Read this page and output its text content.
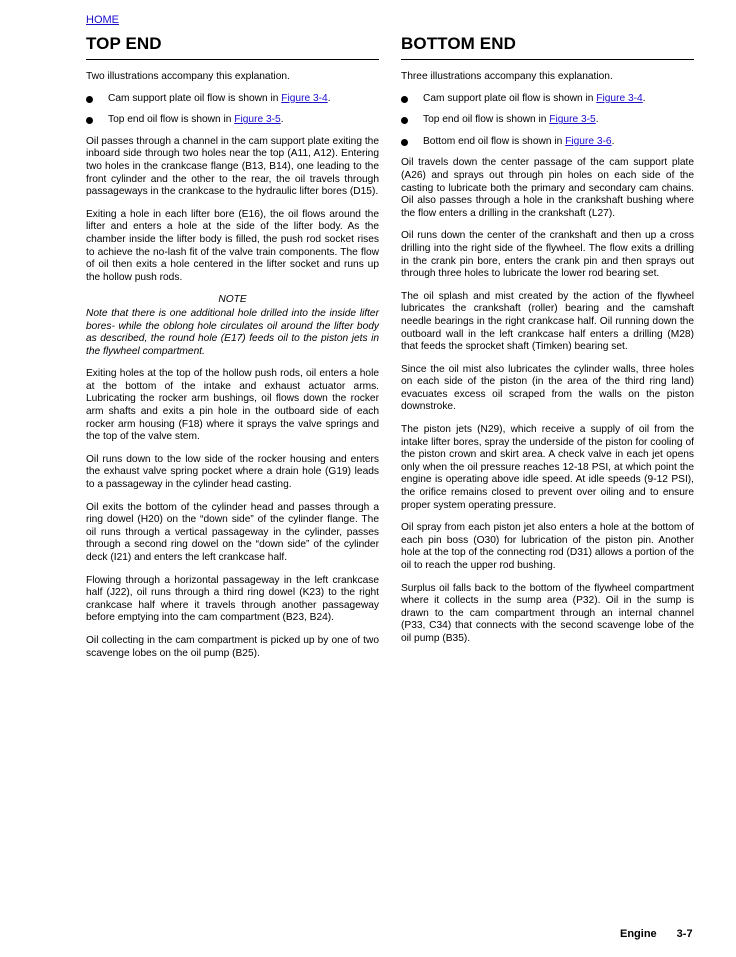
HOME
TOP END

Two illustrations accompany this explanation.

Cam support plate oil flow is shown in Figure 3-4.
Top end oil flow is shown in Figure 3-5.

Oil passes through a channel in the cam support plate exiting the inboard side through two holes near the top (A11, A12). Entering two holes in the crankcase flange (B13, B14), one leading to the front cylinder and the other to the rear, the oil travels through passageways in the crankcase to the hydraulic lifter bores (D15).

Exiting a hole in each lifter bore (E16), the oil flows around the lifter and enters a hole at the side of the lifter body. As the chamber inside the lifter body is filled, the push rod socket rises to achieve the no-lash fit of the valve train components. The flow of oil then exits a hole centered in the lifter socket and runs up the hollow push rods.

NOTE

Note that there is one additional hole drilled into the inside lifter bores- while the oblong hole circulates oil around the lifter body as described, the round hole (E17) feeds oil to the piston jets in the flywheel compartment.

Exiting holes at the top of the hollow push rods, oil enters a hole at the bottom of the intake and exhaust actuator arms. Lubricating the rocker arm bushings, oil flows down the rocker arm shafts and exits a pin hole in the outboard side of each rocker arm housing (F18) where it sprays the valve springs and the top of the valve stem.

Oil runs down to the low side of the rocker housing and enters the exhaust valve spring pocket where a drain hole (G19) leads to a passageway in the cylinder head casting.

Oil exits the bottom of the cylinder head and passes through a ring dowel (H20) on the “down side” of the cylinder flange. The oil runs through a vertical passageway in the cylinder, passes through a second ring dowel on the “down side” of the cylinder deck (I21) and enters the left crankcase half.

Flowing through a horizontal passageway in the left crankcase half (J22), oil runs through a third ring dowel (K23) to the right crankcase half where it travels through another passageway before emptying into the cam compartment (B23, B24).

Oil collecting in the cam compartment is picked up by one of two scavenge lobes on the oil pump (B25).

BOTTOM END

Three illustrations accompany this explanation.

Cam support plate oil flow is shown in Figure 3-4.
Top end oil flow is shown in Figure 3-5.
Bottom end oil flow is shown in Figure 3-6.

Oil travels down the center passage of the cam support plate (A26) and sprays out through pin holes on each side of the casting to lubricate both the primary and secondary cam chains. Oil also passes through a hole in the crankshaft bushing where the flow enters a drilling in the crankshaft (L27).

Oil runs down the center of the crankshaft and then up a cross drilling into the right side of the flywheel. The flow exits a drilling in the crank pin bore, enters the crank pin and then sprays out through three holes to lubricate the lower rod bearing set.

The oil splash and mist created by the action of the flywheel lubricates the crankshaft (roller) bearing and the camshaft needle bearings in the right crankcase half. Oil running down the outboard wall in the left crankcase half enters a drilling (M28) that feeds the sprocket shaft (Timken) bearing set.

Since the oil mist also lubricates the cylinder walls, three holes on each side of the piston (in the area of the third ring land) evacuates excess oil scraped from the walls on the piston downstroke.

The piston jets (N29), which receive a supply of oil from the intake lifter bores, spray the underside of the piston for cooling of the piston crown and skirt area. A check valve in each jet opens only when the oil pressure reaches 12-18 PSI, at which point the engine is operating above idle speed. At idle speeds (9-12 PSI), the orifice remains closed to prevent over oiling and to ensure proper system operating pressure.

Oil spray from each piston jet also enters a hole at the bottom of each pin boss (O30) for lubrication of the piston pin. Another hole at the top of the connecting rod (D31) allows a portion of the oil to reach the upper rod bushing.

Surplus oil falls back to the bottom of the flywheel compartment where it collects in the sump area (P32). Oil in the sump is drawn to the cam compartment through an internal channel (P33, C34) that connects with the second scavenge lobe of the oil pump (B35).

Engine 3-7
